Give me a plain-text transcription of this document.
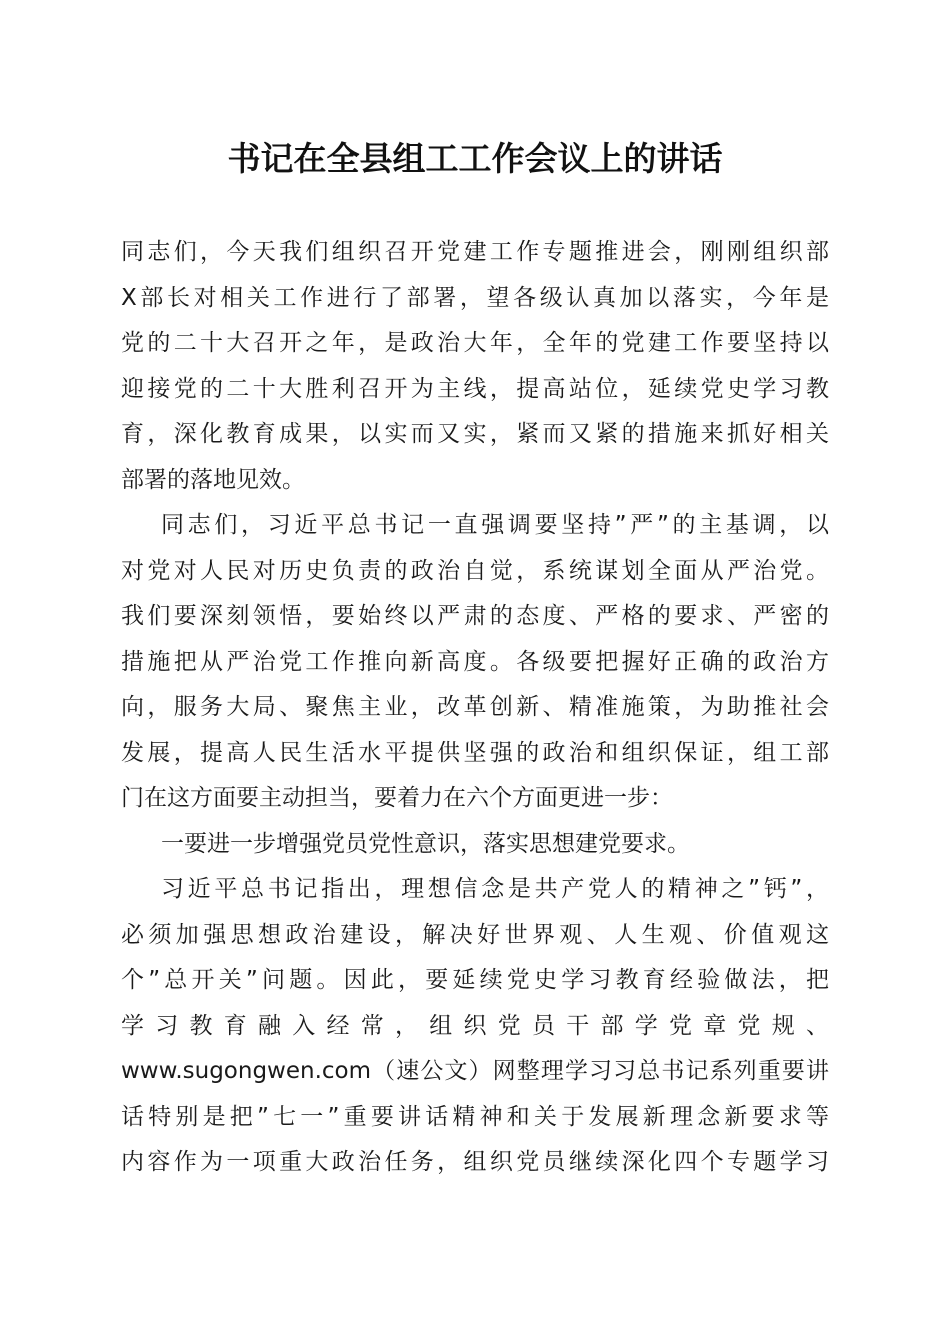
书记在全县组工工作会议上的讲话
同志们，今天我们组织召开党建工作专题推进会，刚刚组织部
X部长对相关工作进行了部署，望各级认真加以落实，今年是
党的二十大召开之年，是政治大年，全年的党建工作要坚持以
迎接党的二十大胜利召开为主线，提高站位，延续党史学习教
育，深化教育成果，以实而又实，紧而又紧的措施来抓好相关
部署的落地见效。
同志们，习近平总书记一直强调要坚持”严”的主基调，以
对党对人民对历史负责的政治自觉，系统谋划全面从严治党。
我们要深刻领悟，要始终以严肃的态度、严格的要求、严密的
措施把从严治党工作推向新高度。各级要把握好正确的政治方
向，服务大局、聚焦主业，改革创新、精准施策，为助推社会
发展，提高人民生活水平提供坚强的政治和组织保证，组工部
门在这方面要主动担当，要着力在六个方面更进一步：
一要进一步增强党员党性意识，落实思想建党要求。
习近平总书记指出，理想信念是共产党人的精神之”钙”，
必须加强思想政治建设，解决好世界观、人生观、价值观这
个”总开关”问题。因此，要延续党史学习教育经验做法，把
学习教育融入经常，组织党员干部学党章党规、
www.sugongwen.com（速公文）网整理学习习总书记系列重要讲
话特别是把”七一”重要讲话精神和关于发展新理念新要求等
内容作为一项重大政治任务，组织党员继续深化四个专题学习
